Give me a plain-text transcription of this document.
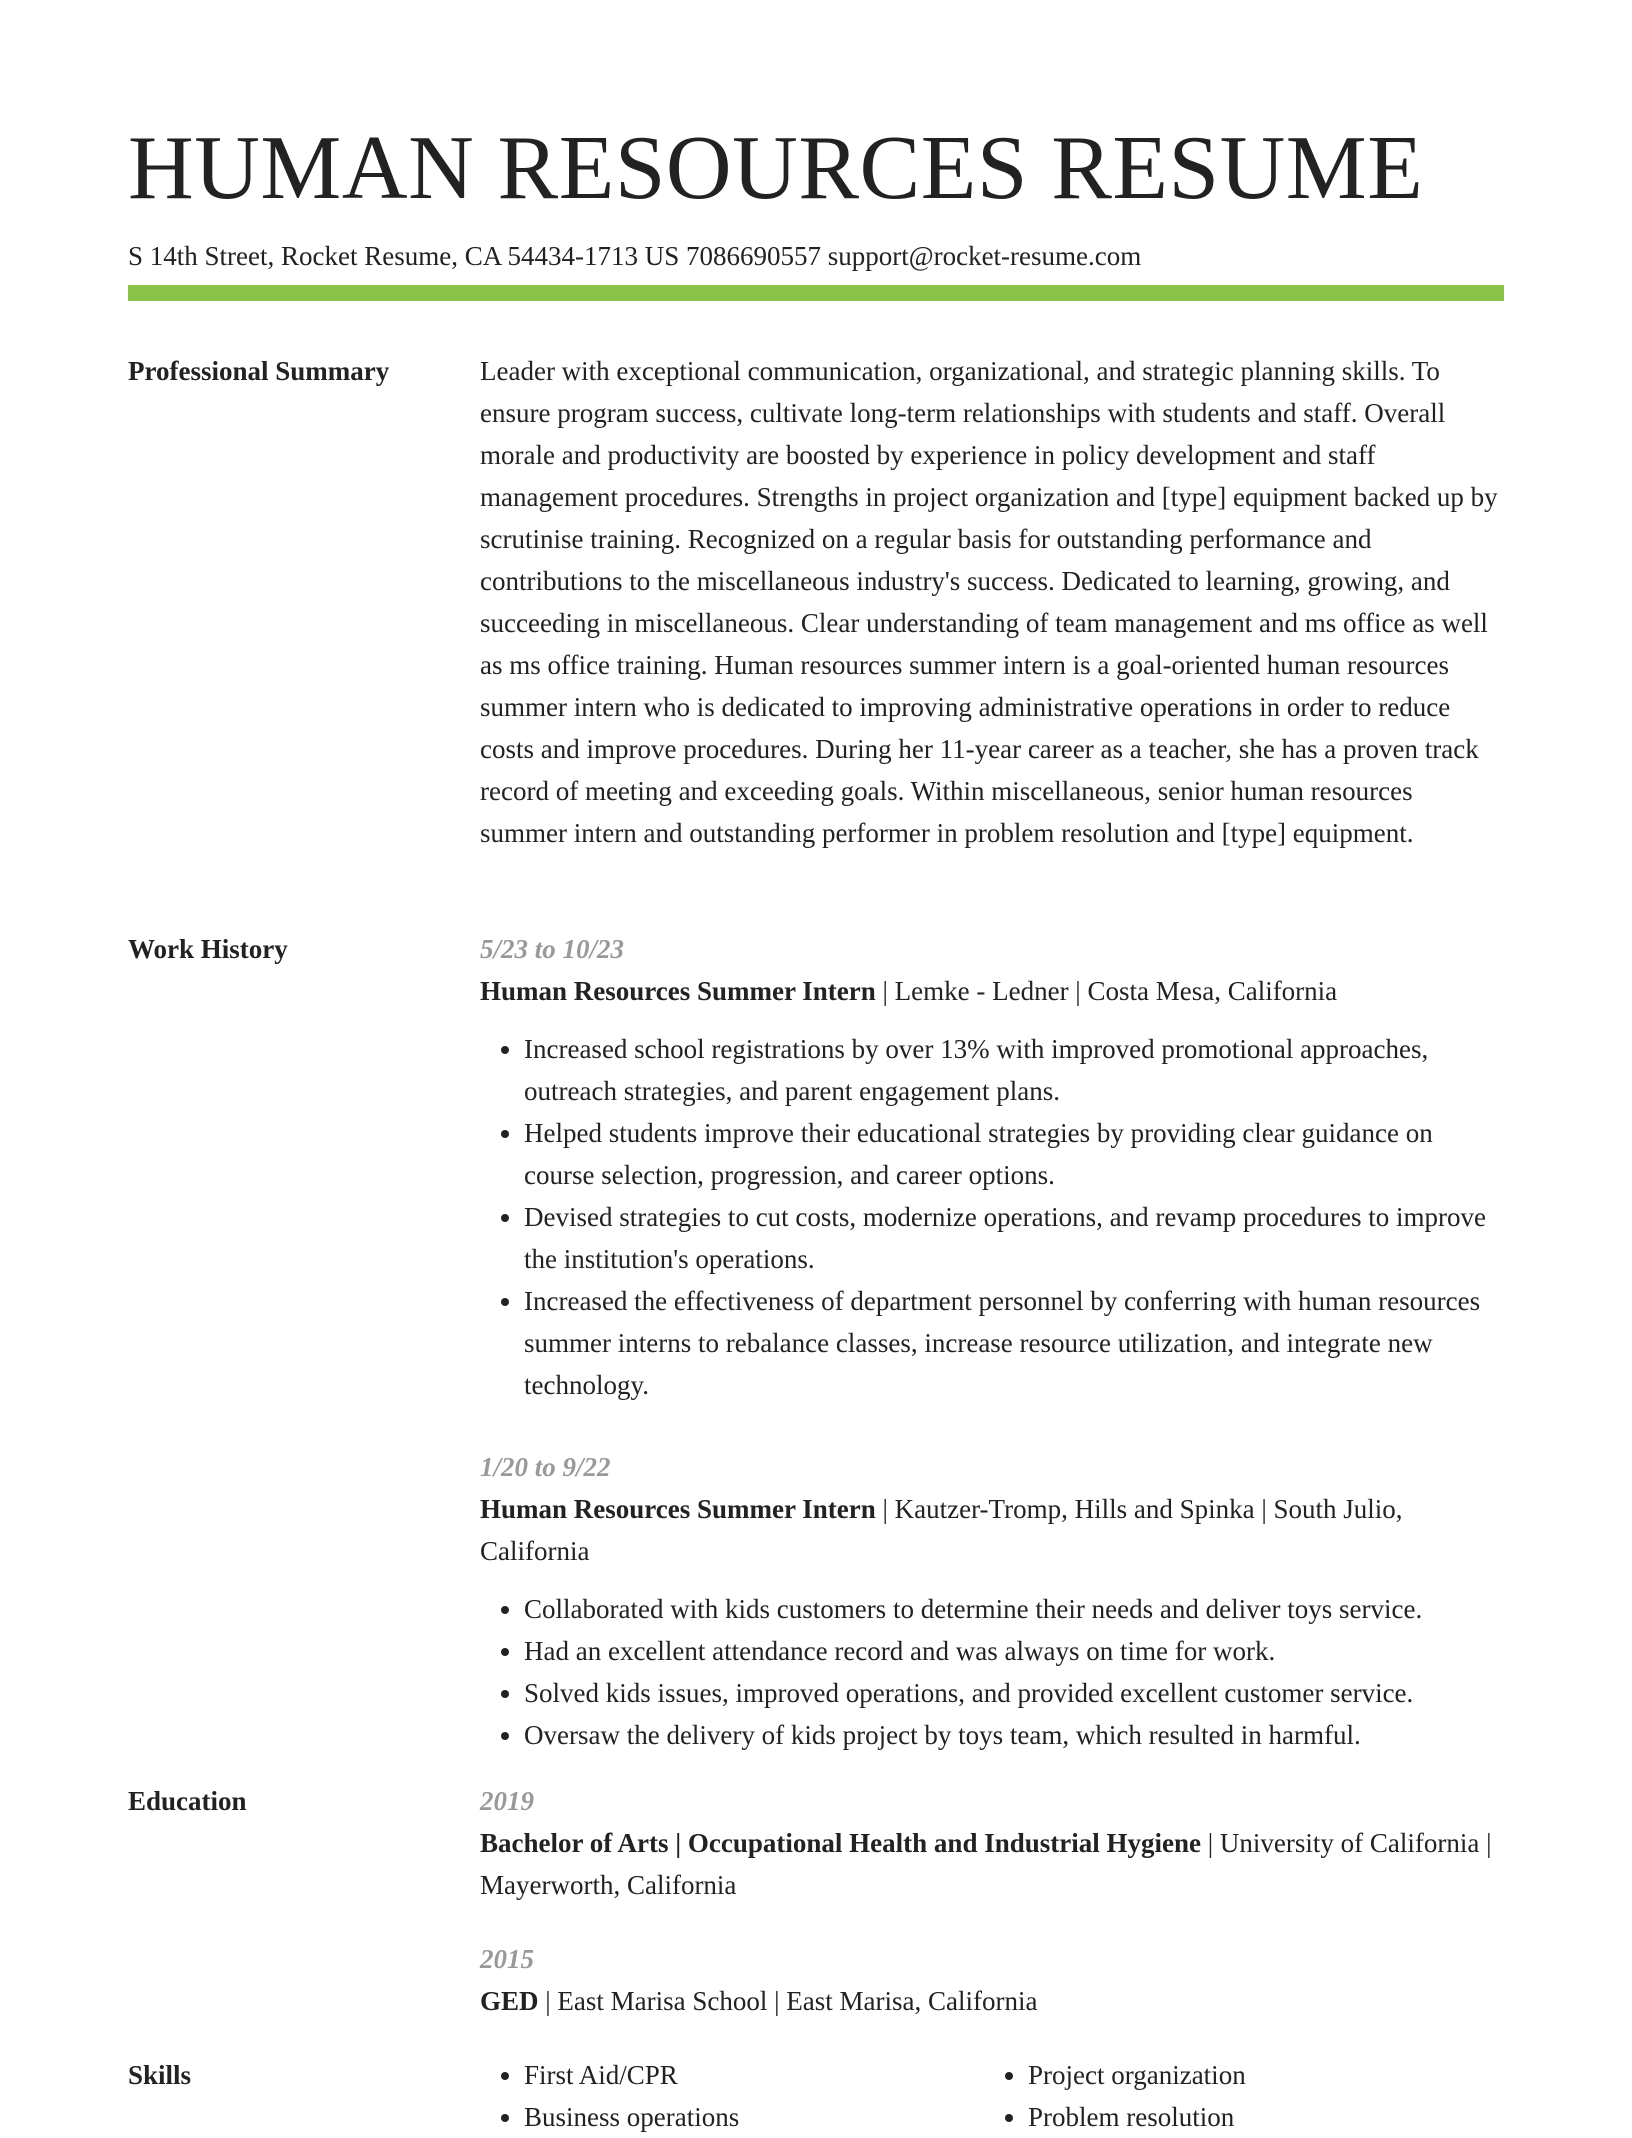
HUMAN RESOURCES RESUME
S 14th Street, Rocket Resume, CA 54434-1713 US 7086690557 support@rocket-resume.com
Professional Summary	Leader with exceptional communication, organizational, and strategic planning skills. To ensure program success, cultivate long-term relationships with students and staff. Overall morale and productivity are boosted by experience in policy development and staff management procedures. Strengths in project organization and [type] equipment backed up by scrutinise training. Recognized on a regular basis for outstanding performance and contributions to the miscellaneous industry's success. Dedicated to learning, growing, and succeeding in miscellaneous. Clear understanding of team management and ms office as well as ms office training. Human resources summer intern is a goal-oriented human resources summer intern who is dedicated to improving administrative operations in order to reduce costs and improve procedures. During her 11-year career as a teacher, she has a proven track record of meeting and exceeding goals. Within miscellaneous, senior human resources summer intern and outstanding performer in problem resolution and [type] equipment.

Work History	5/23 to 10/23

Human Resources Summer Intern | Lemke - Ledner | Costa Mesa, California

• Increased school registrations by over 13% with improved promotional approaches, outreach strategies, and parent engagement plans.
• Helped students improve their educational strategies by providing clear guidance on course selection, progression, and career options.
• Devised strategies to cut costs, modernize operations, and revamp procedures to improve the institution's operations.
• Increased the effectiveness of department personnel by conferring with human resources summer interns to rebalance classes, increase resource utilization, and integrate new technology.

1/20 to 9/22

Human Resources Summer Intern | Kautzer-Tromp, Hills and Spinka | South Julio, California

• Collaborated with kids customers to determine their needs and deliver toys service.
• Had an excellent attendance record and was always on time for work.
• Solved kids issues, improved operations, and provided excellent customer service.
• Oversaw the delivery of kids project by toys team, which resulted in harmful.
Education	2019

Bachelor of Arts | Occupational Health and Industrial Hygiene | University of California | Mayerworth, California

2015

GED | East Marisa School | East Marisa, California

Skills
•	First Aid/CPR
• Business operations
• Project organization
• Problem resolution
